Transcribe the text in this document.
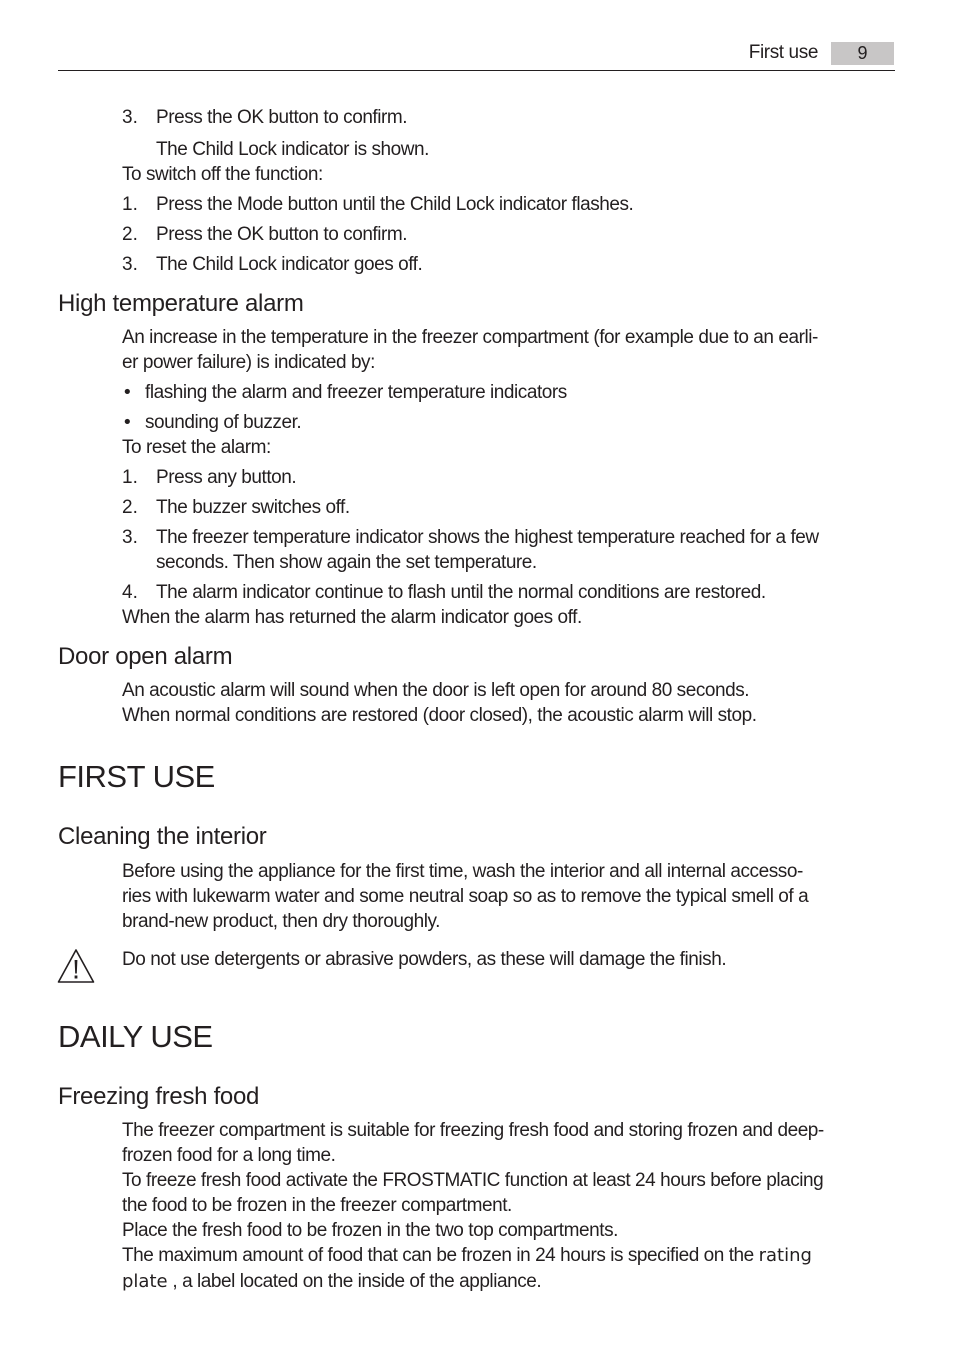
First use	9
3. Press the OK button to confirm.
The Child Lock indicator is shown.
To switch off the function:
1. Press the Mode button until the Child Lock indicator flashes.
2. Press the OK button to confirm.
3. The Child Lock indicator goes off.
High temperature alarm
An increase in the temperature in the freezer compartment (for example due to an earli-
er power failure) is indicated by:
• flashing the alarm and freezer temperature indicators
• sounding of buzzer.
To reset the alarm:
1. Press any button.
2. The buzzer switches off.
3. The freezer temperature indicator shows the highest temperature reached for a few
seconds. Then show again the set temperature.
4. The alarm indicator continue to flash until the normal conditions are restored.
When the alarm has returned the alarm indicator goes off.
Door open alarm
An acoustic alarm will sound when the door is left open for around 80 seconds.
When normal conditions are restored (door closed), the acoustic alarm will stop.
FIRST USE
Cleaning the interior
Before using the appliance for the first time, wash the interior and all internal accesso-
ries with lukewarm water and some neutral soap so as to remove the typical smell of a
brand-new product, then dry thoroughly.
Do not use detergents or abrasive powders, as these will damage the finish.
DAILY USE
Freezing fresh food
The freezer compartment is suitable for freezing fresh food and storing frozen and deep-
frozen food for a long time.
To freeze fresh food activate the FROSTMATIC function at least 24 hours before placing
the food to be frozen in the freezer compartment.
Place the fresh food to be frozen in the two top compartments.
The maximum amount of food that can be frozen in 24 hours is specified on the rating
plate , a label located on the inside of the appliance.
